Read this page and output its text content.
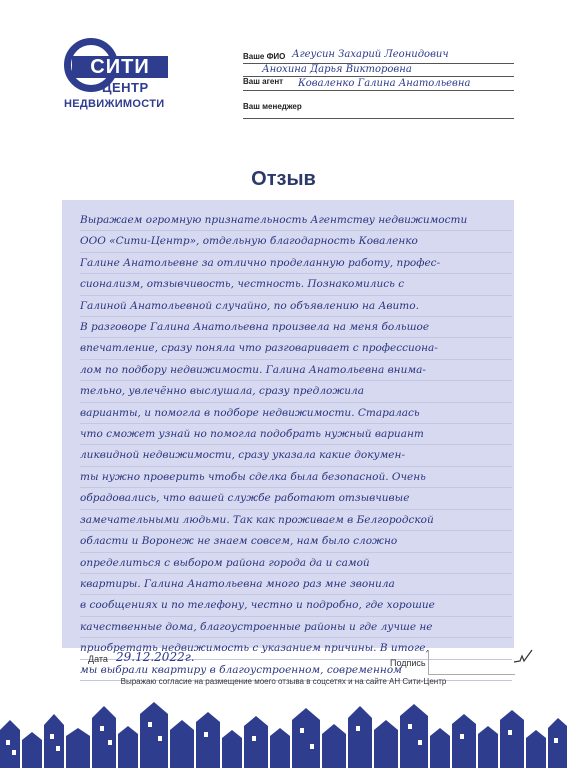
СИТИ
ЦЕНТР
НЕДВИЖИМОСТИ
Ваше ФИО Агеусин Захарий Леонидович
Анохина Дарья Викторовна
Ваш агент Коваленко Галина Анатольевна
Ваш менеджер
Отзыв
Выражаем огромную признательность Агентству недвижимости
ООО «Сити-Центр», отдельную благодарность Коваленко
Галине Анатольевне за отлично проделанную работу, профес-
сионализм, отзывчивость, честность. Познакомились с
Галиной Анатольевной случайно, по объявлению на Авито.
В разговоре Галина Анатольевна произвела на меня большое
впечатление, сразу поняла что разговаривает с профессиона-
лом по подбору недвижимости. Галина Анатольевна внима-
тельно, увлечённо выслушала, сразу предложила
варианты, и помогла в подборе недвижимости. Старалась
что сможет узнай но помогла подобрать нужный вариант
ликвидной недвижимости, сразу указала какие докумен-
ты нужно проверить чтобы сделка была безопасной. Очень
обрадовались, что вашей службе работают отзывчивые
замечательными людьми. Так как проживаем в Белгородской
области и Воронеж не знаем совсем, нам было сложно
определиться с выбором района города да и самой
квартиры. Галина Анатольевна много раз мне звонила
в сообщениях и по телефону, честно и подробно, где хорошие
качественные дома, благоустроенные районы и где лучше не
приобретать недвижимость с указанием причины. В итоге,
мы выбрали квартиру в благоустроенном, современном
Дата 29.12.2022г.	Подпись
Выражаю согласие на размещение моего отзыва в соцсетях и на сайте АН Сити-Центр
